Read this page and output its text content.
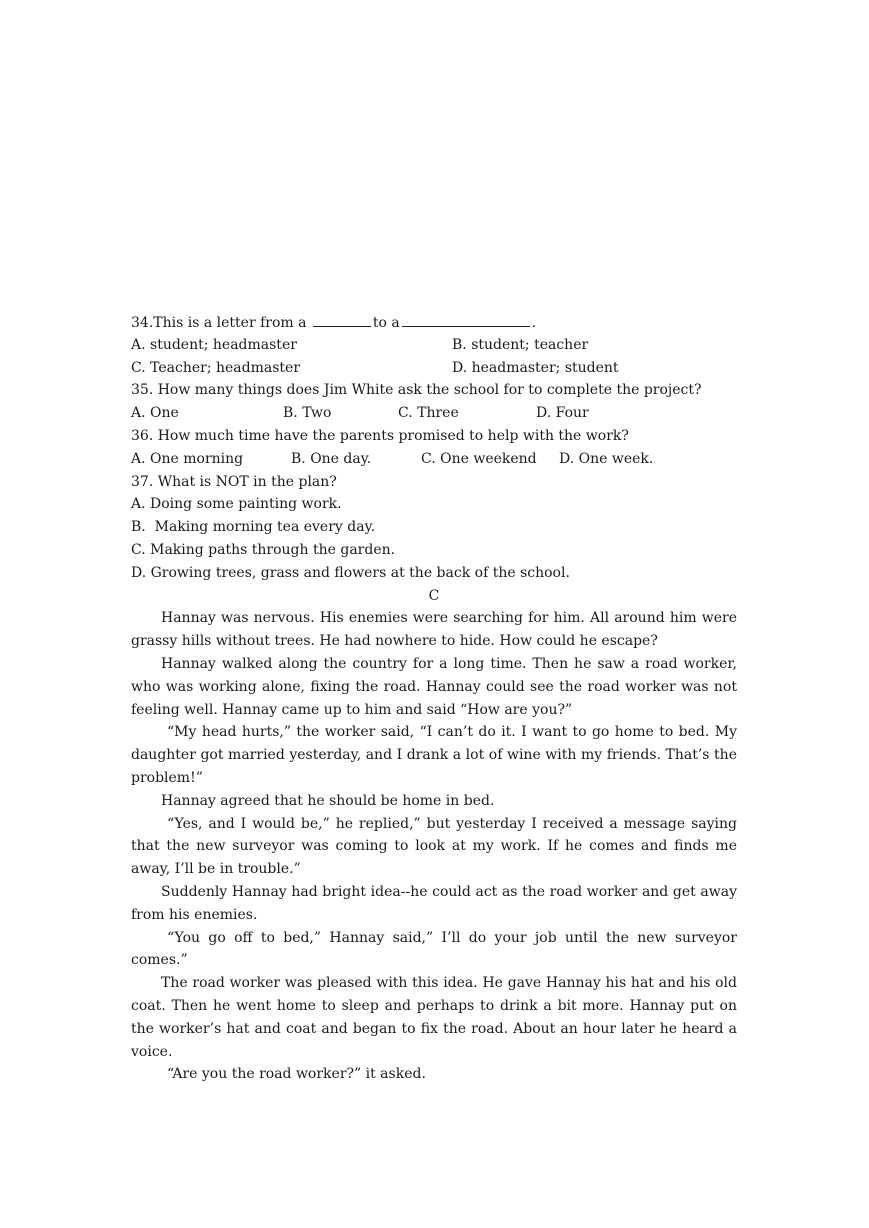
34.This is a letter from a	to a	.
A. student; headmaster	B. student; teacher
C. Teacher; headmaster	D. headmaster; student
35. How many things does Jim White ask the school for to complete the project?
A. One	B. Two	C. Three	D. Four
36. How much time have the parents promised to help with the work?
A. One morning	B. One day.	C. One weekend D. One week.
37. What is NOT in the plan?
A. Doing some painting work.
B.  Making morning tea every day.
C. Making paths through the garden.
D. Growing trees, grass and flowers at the back of the school.
C

Hannay was nervous. His enemies were searching for him. All around him were grassy hills without trees. He had nowhere to hide. How could he escape?

Hannay walked along the country for a long time. Then he saw a road worker, who was working alone, fixing the road. Hannay could see the road worker was not feeling well. Hannay came up to him and said “How are you?”

“My head hurts,” the worker said, “I can’t do it. I want to go home to bed. My daughter got married yesterday, and I drank a lot of wine with my friends. That’s the problem!”

Hannay agreed that he should be home in bed.

“Yes, and I would be,” he replied,” but yesterday I received a message saying that the new surveyor was coming to look at my work. If he comes and finds me away, I’ll be in trouble.”

Suddenly Hannay had bright idea--he could act as the road worker and get away from his enemies.

“You go off to bed,” Hannay said,” I’ll do your job until the new surveyor comes.”

The road worker was pleased with this idea. He gave Hannay his hat and his old coat. Then he went home to sleep and perhaps to drink a bit more. Hannay put on the worker’s hat and coat and began to fix the road. About an hour later he heard a voice.

“Are you the road worker?” it asked.
